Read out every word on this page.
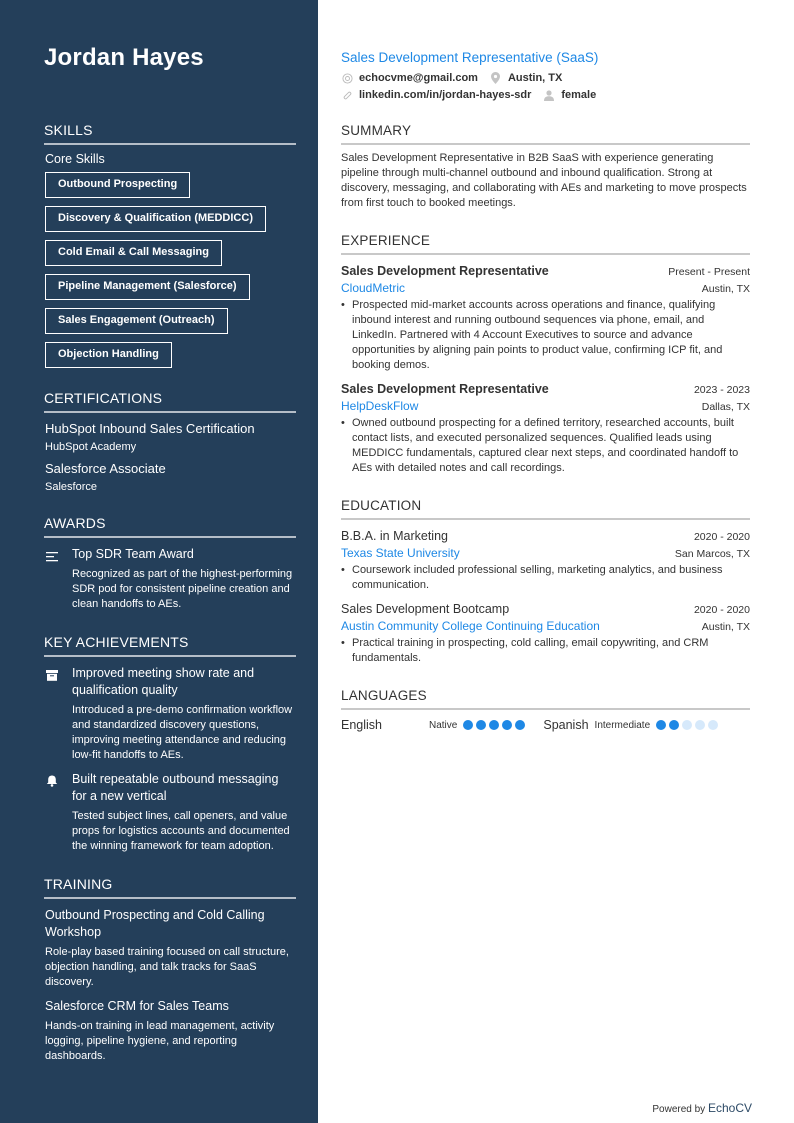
Jordan Hayes
SKILLS
Core Skills
Outbound Prospecting
Discovery & Qualification (MEDDICC)
Cold Email & Call Messaging
Pipeline Management (Salesforce)
Sales Engagement (Outreach)
Objection Handling
CERTIFICATIONS
HubSpot Inbound Sales Certification
HubSpot Academy
Salesforce Associate
Salesforce
AWARDS
Top SDR Team Award
Recognized as part of the highest-performing SDR pod for consistent pipeline creation and clean handoffs to AEs.
KEY ACHIEVEMENTS
Improved meeting show rate and qualification quality
Introduced a pre-demo confirmation workflow and standardized discovery questions, improving meeting attendance and reducing low-fit handoffs to AEs.
Built repeatable outbound messaging for a new vertical
Tested subject lines, call openers, and value props for logistics accounts and documented the winning framework for team adoption.
TRAINING
Outbound Prospecting and Cold Calling Workshop
Role-play based training focused on call structure, objection handling, and talk tracks for SaaS discovery.
Salesforce CRM for Sales Teams
Hands-on training in lead management, activity logging, pipeline hygiene, and reporting dashboards.
Sales Development Representative (SaaS)
echocvme@gmail.com	Austin, TX
linkedin.com/in/jordan-hayes-sdr	female
SUMMARY
Sales Development Representative in B2B SaaS with experience generating pipeline through multi-channel outbound and inbound qualification. Strong at discovery, messaging, and collaborating with AEs and marketing to move prospects from first touch to booked meetings.
EXPERIENCE
Sales Development Representative	Present - Present
CloudMetric	Austin, TX
• Prospected mid-market accounts across operations and finance, qualifying inbound interest and running outbound sequences via phone, email, and LinkedIn. Partnered with 4 Account Executives to source and advance opportunities by aligning pain points to product value, confirming ICP fit, and booking demos.
Sales Development Representative	2023 - 2023
HelpDeskFlow	Dallas, TX
• Owned outbound prospecting for a defined territory, researched accounts, built contact lists, and executed personalized sequences. Qualified leads using MEDDICC fundamentals, captured clear next steps, and coordinated handoff to AEs with detailed notes and call recordings.
EDUCATION
B.B.A. in Marketing	2020 - 2020
Texas State University	San Marcos, TX
• Coursework included professional selling, marketing analytics, and business communication.
Sales Development Bootcamp	2020 - 2020
Austin Community College Continuing Education	Austin, TX
• Practical training in prospecting, cold calling, email copywriting, and CRM fundamentals.
LANGUAGES
English	Native	Spanish Intermediate
Powered by EchoCV
